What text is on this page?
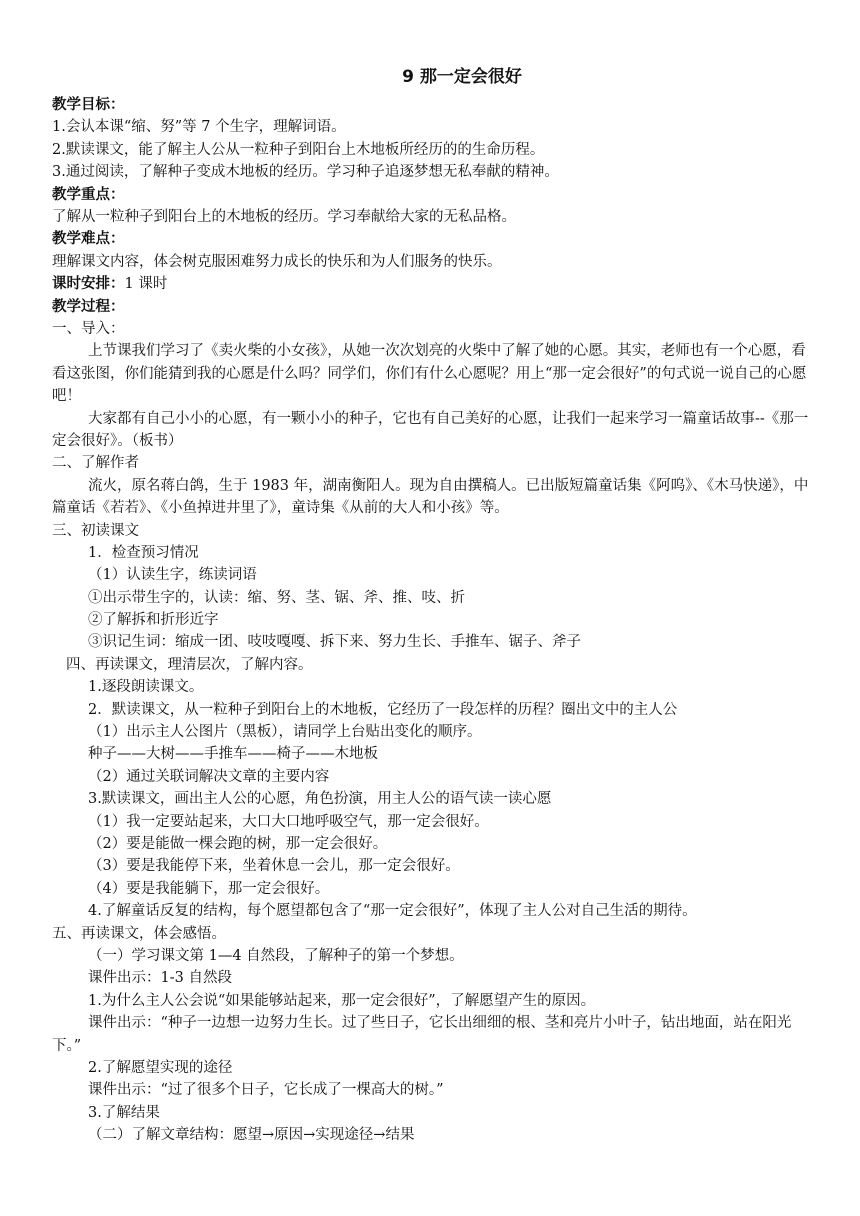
9 那一定会很好
教学目标：
1.会认本课“缩、努”等 7 个生字，理解词语。
2.默读课文，能了解主人公从一粒种子到阳台上木地板所经历的的生命历程。
3.通过阅读，了解种子变成木地板的经历。学习种子追逐梦想无私奉献的精神。
教学重点：
了解从一粒种子到阳台上的木地板的经历。学习奉献给大家的无私品格。
教学难点：
理解课文内容，体会树克服困难努力成长的快乐和为人们服务的快乐。
课时安排：1 课时
教学过程：
一、导入：
上节课我们学习了《卖火柴的小女孩》，从她一次次划亮的火柴中了解了她的心愿。其实，老师也有一个心愿，看看这张图，你们能猜到我的心愿是什么吗？同学们，你们有什么心愿呢？用上“那一定会很好”的句式说一说自己的心愿吧！
大家都有自己小小的心愿，有一颗小小的种子，它也有自己美好的心愿，让我们一起来学习一篇童话故事--《那一定会很好》。（板书）
二、了解作者
流火，原名蒋白鸽，生于 1983 年，湖南衡阳人。现为自由撰稿人。已出版短篇童话集《阿呜》、《木马快递》，中篇童话《若若》、《小鱼掉进井里了》，童诗集《从前的大人和小孩》等。
三、初读课文
1．检查预习情况
（1）认读生字，练读词语
①出示带生字的，认读：缩、努、茎、锯、斧、推、吱、折
②了解拆和折形近字
③识记生词：缩成一团、吱吱嘎嘎、拆下来、努力生长、手推车、锯子、斧子
四、再读课文，理清层次，了解内容。
1.逐段朗读课文。
2．默读课文，从一粒种子到阳台上的木地板，它经历了一段怎样的历程？圈出文中的主人公
（1）出示主人公图片（黑板），请同学上台贴出变化的顺序。
种子——大树——手推车——椅子——木地板
（2）通过关联词解决文章的主要内容
3.默读课文，画出主人公的心愿，角色扮演，用主人公的语气读一读心愿
（1）我一定要站起来，大口大口地呼吸空气，那一定会很好。
（2）要是能做一棵会跑的树，那一定会很好。
（3）要是我能停下来，坐着休息一会儿，那一定会很好。
（4）要是我能躺下，那一定会很好。
4.了解童话反复的结构，每个愿望都包含了“那一定会很好”，体现了主人公对自己生活的期待。
五、再读课文，体会感悟。
（一）学习课文第 1—4 自然段，了解种子的第一个梦想。
课件出示：1-3 自然段
1.为什么主人公会说“如果能够站起来，那一定会很好”，了解愿望产生的原因。
课件出示：“种子一边想一边努力生长。过了些日子，它长出细细的根、茎和亮片小叶子，钻出地面，站在阳光下。”
2.了解愿望实现的途径
课件出示：“过了很多个日子，它长成了一棵高大的树。”
3.了解结果
（二）了解文章结构：愿望→原因→实现途径→结果
